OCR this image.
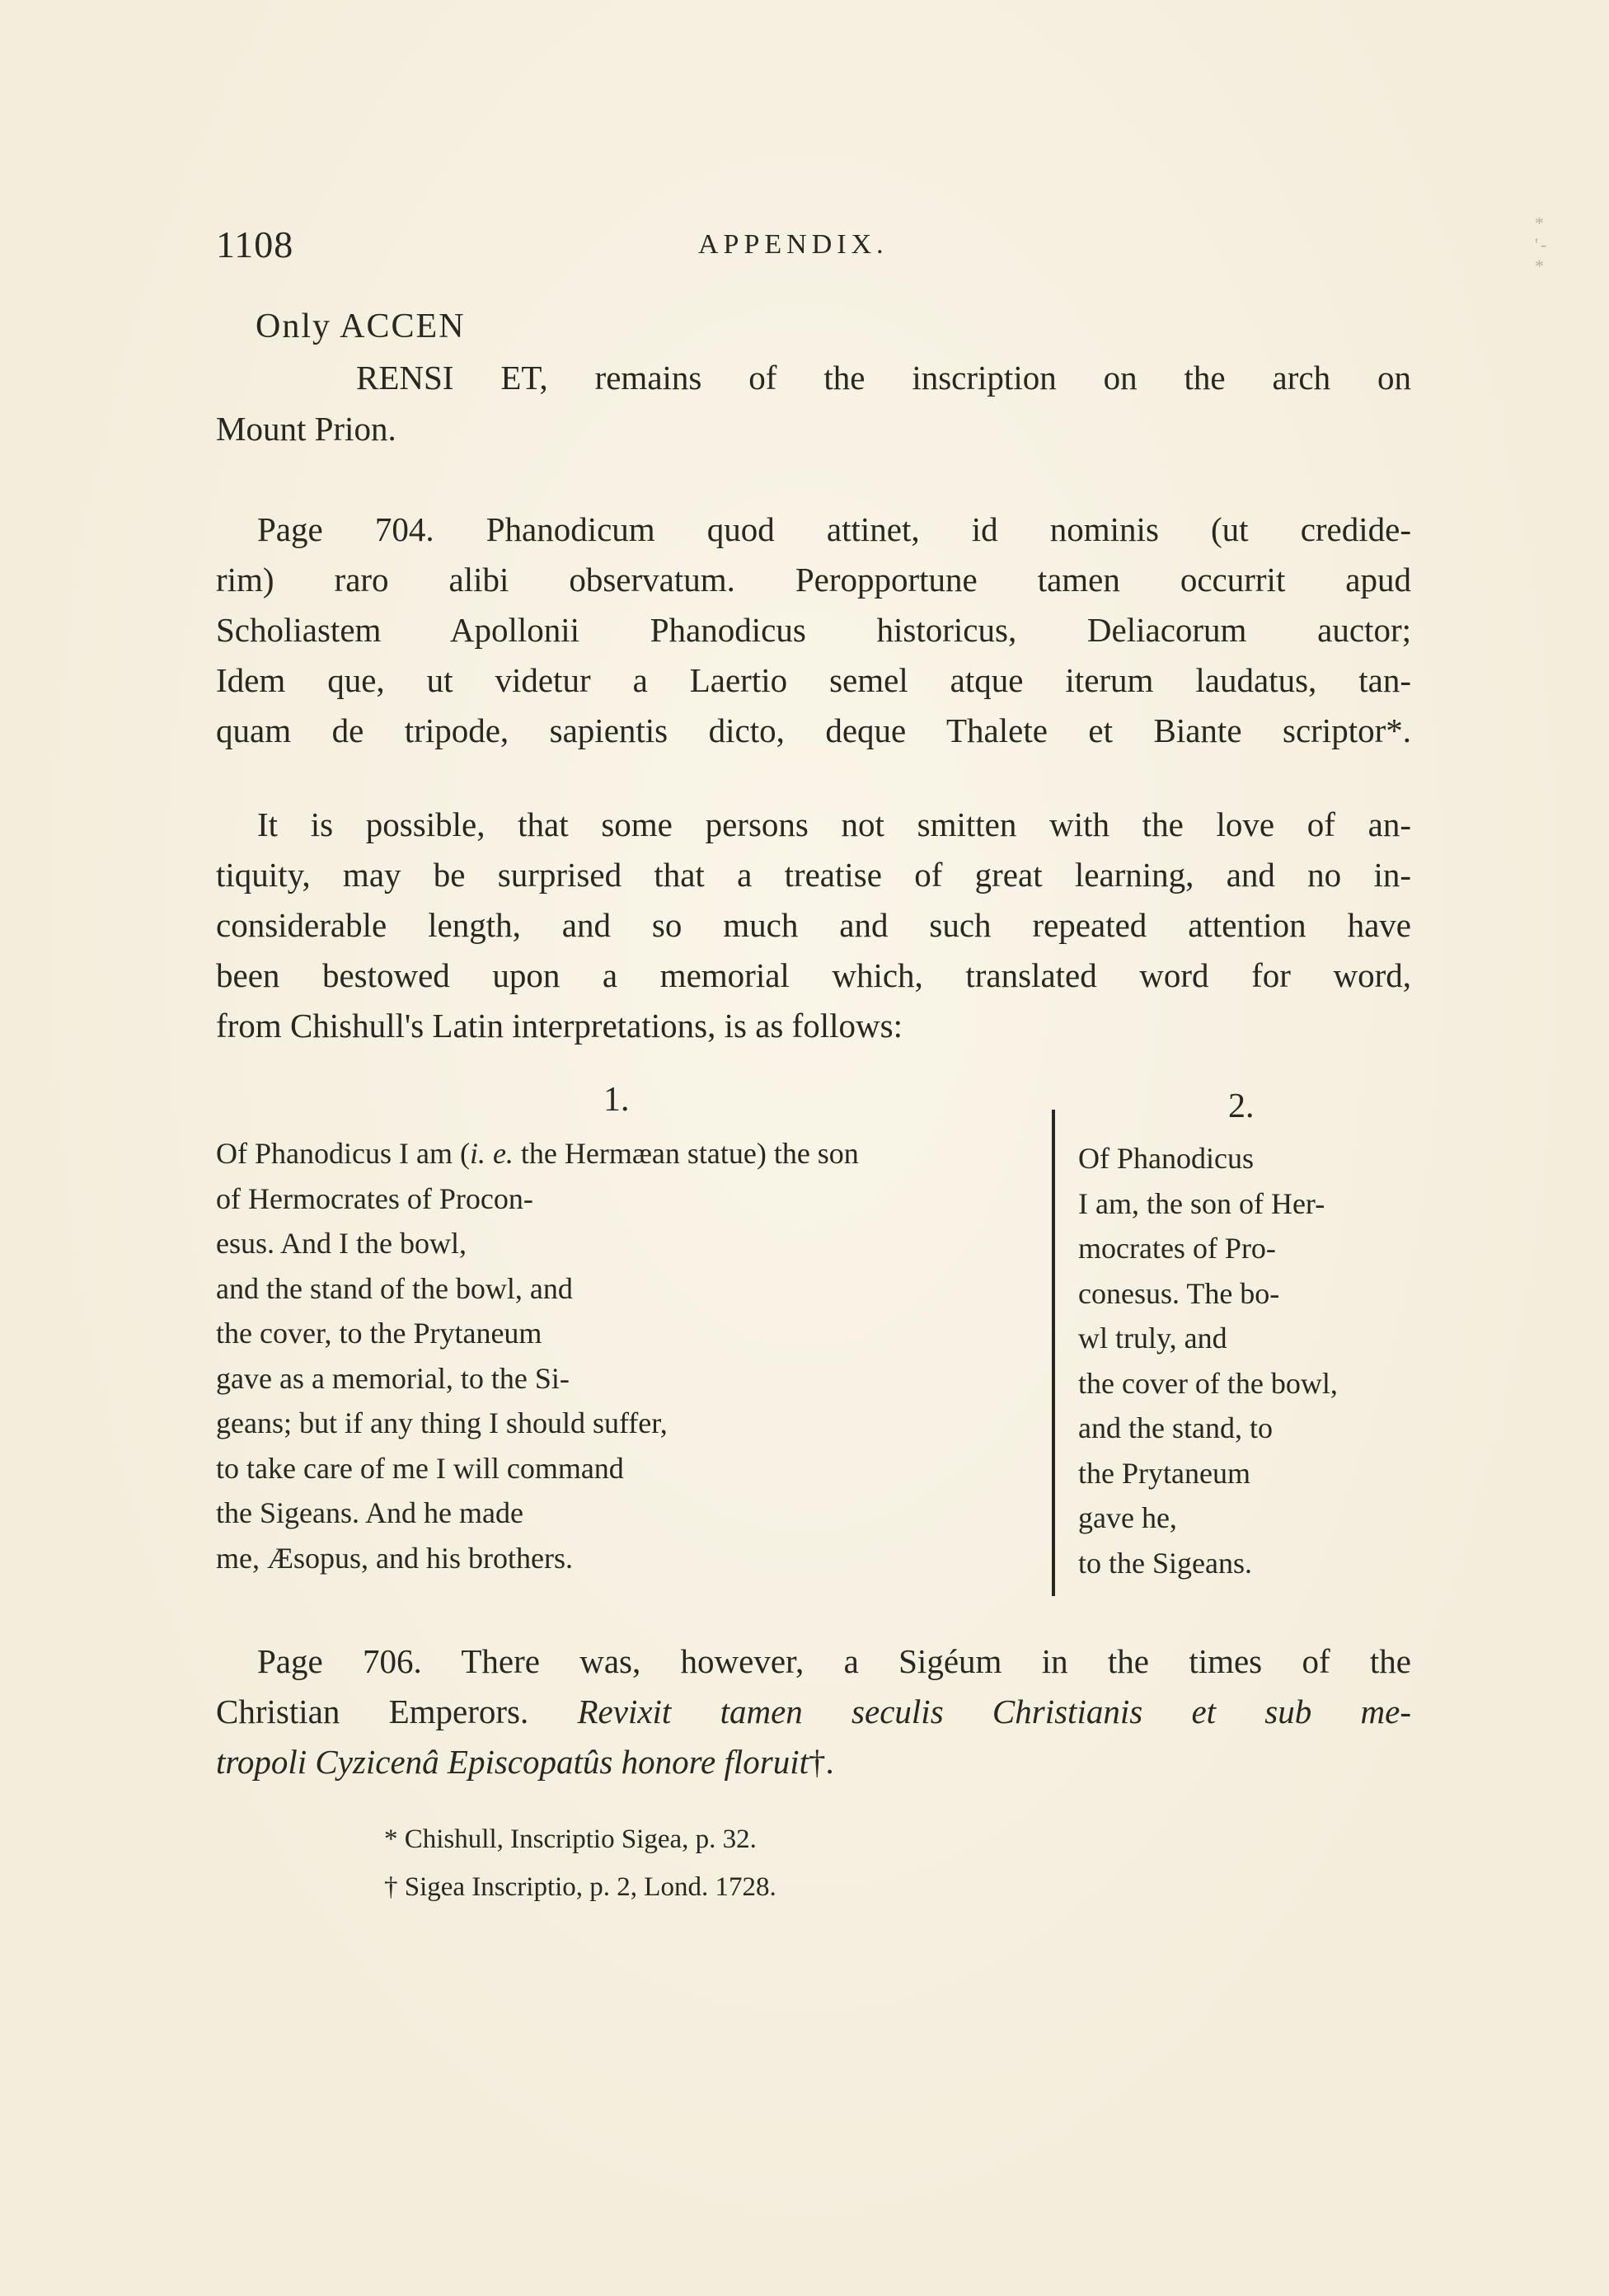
1108	APPENDIX.
* '- *
Only ACCEN
RENSI ET, remains of the inscription on the arch on
Mount Prion.
Page 704. Phanodicum quod attinet, id nominis (ut credide-
rim) raro alibi observatum. Peropportune tamen occurrit apud
Scholiastem Apollonii Phanodicus historicus, Deliacorum auctor;
Idem que, ut videtur a Laertio semel atque iterum laudatus, tan-
quam de tripode, sapientis dicto, deque Thalete et Biante scriptor*.
It is possible, that some persons not smitten with the love of an-
tiquity, may be surprised that a treatise of great learning, and no in-
considerable length, and so much and such repeated attention have
been bestowed upon a memorial which, translated word for word,
from Chishull's Latin interpretations, is as follows:
1.	2.
Of Phanodicus I am (i. e. the Hermæan statue) the son
of Hermocrates of Procon-
esus. And I the bowl,
and the stand of the bowl, and
the cover, to the Prytaneum
gave as a memorial, to the Si-
geans; but if any thing I should suffer,
to take care of me I will command
the Sigeans. And he made
me, Æsopus, and his brothers.
Of Phanodicus
I am, the son of Her-
mocrates of Pro-
conesus. The bo-
wl truly, and
the cover of the bowl,
and the stand, to
the Prytaneum
gave he,
to the Sigeans.
Page 706. There was, however, a Sigéum in the times of the
Christian Emperors. Revixit tamen seculis Christianis et sub me-
tropoli Cyzicenâ Episcopatûs honore floruit†.
* Chishull, Inscriptio Sigea, p. 32.
† Sigea Inscriptio, p. 2, Lond. 1728.
